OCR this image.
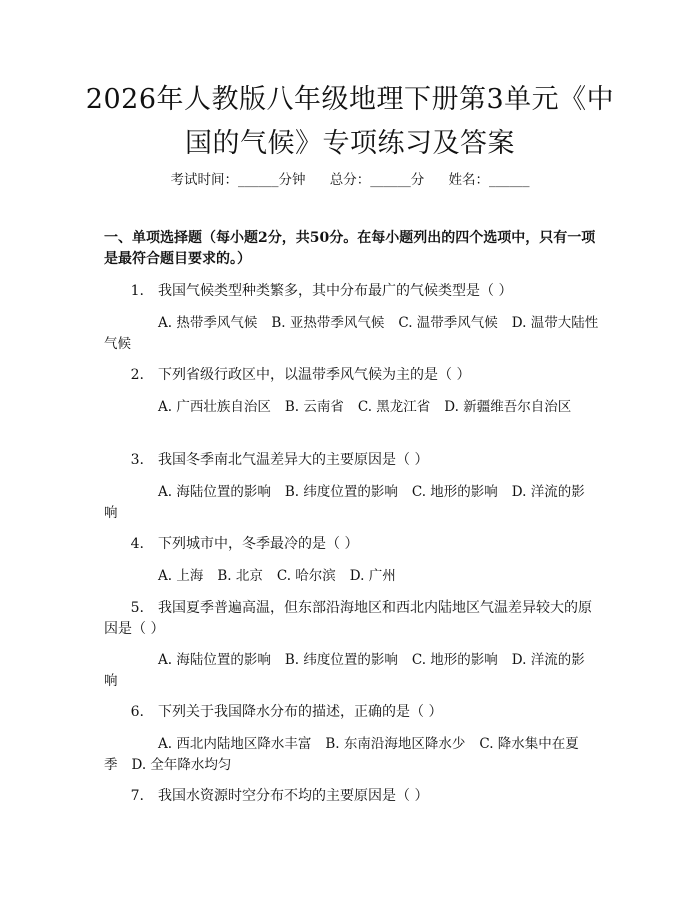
2026年人教版八年级地理下册第3单元《中
国的气候》专项练习及答案
考试时间：______分钟 总分：______分 姓名：______
一、单项选择题（每小题2分，共50分。在每小题列出的四个选项中，只有一项是最符合题目要求的。）
1. 我国气候类型种类繁多，其中分布最广的气候类型是（ ）
A. 热带季风气候 B. 亚热带季风气候 C. 温带季风气候 D. 温带大陆性气候
2. 下列省级行政区中，以温带季风气候为主的是（ ）
A. 广西壮族自治区 B. 云南省 C. 黑龙江省 D. 新疆维吾尔自治区
3. 我国冬季南北气温差异大的主要原因是（ ）
A. 海陆位置的影响 B. 纬度位置的影响 C. 地形的影响 D. 洋流的影响
4. 下列城市中，冬季最冷的是（ ）
A. 上海 B. 北京 C. 哈尔滨 D. 广州
5. 我国夏季普遍高温，但东部沿海地区和西北内陆地区气温差异较大的原因是（ ）
A. 海陆位置的影响 B. 纬度位置的影响 C. 地形的影响 D. 洋流的影响
6. 下列关于我国降水分布的描述，正确的是（ ）
A. 西北内陆地区降水丰富 B. 东南沿海地区降水少 C. 降水集中在夏季 D. 全年降水均匀
7. 我国水资源时空分布不均的主要原因是（ ）
